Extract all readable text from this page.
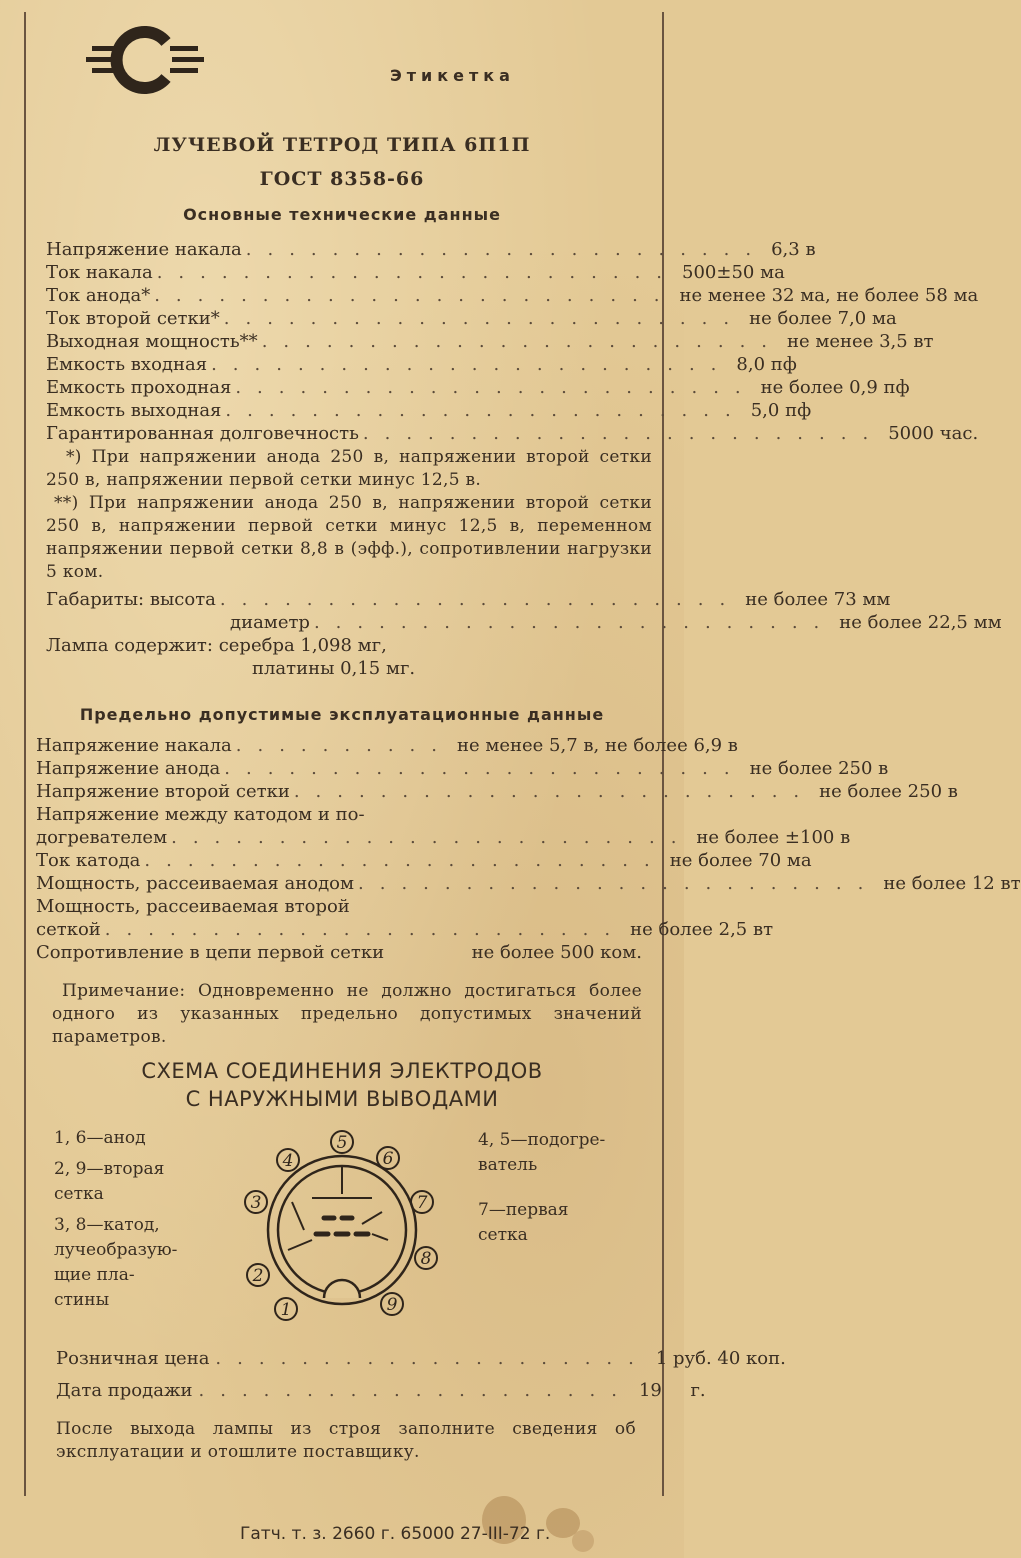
Этикетка
ЛУЧЕВОЙ ТЕТРОД ТИПА 6П1П
ГОСТ 8358-66
Основные технические данные
Напряжение накала ........................ 6,3 в
Ток накала ........................ 500±50 ма
Ток анода* ........................ не менее 32 ма, не более 58 ма
Ток второй сетки* ........................ не более 7,0 ма
Выходная мощность** ........................ не менее 3,5 вт
Емкость входная ........................ 8,0 пф
Емкость проходная ........................ не более 0,9 пф
Емкость выходная ........................ 5,0 пф
Гарантированная долговечность ........................ 5000 час.
*) При напряжении анода 250 в, напряжении второй сетки 250 в, напряжении первой сетки минус 12,5 в.
**) При напряжении анода 250 в, напряжении второй сетки 250 в, напряжении первой сетки минус 12,5 в, переменном напряжении первой сетки 8,8 в (эфф.), сопротивлении нагрузки 5 ком.
Габариты: высота ........................ не более 73 мм
диаметр ........................ не более 22,5 мм
Лампа содержит: серебра 1,098 мг,
платины 0,15 мг.
Предельно допустимые эксплуатационные данные
Напряжение накала .......... не менее 5,7 в, не более 6,9 в
Напряжение анода ........................ не более 250 в
Напряжение второй сетки ........................ не более 250 в
Напряжение между катодом и по-
догревателем ........................ не более ±100 в
Ток катода ........................ не более 70 ма
Мощность, рассеиваемая анодом ........................ не более 12 вт
Мощность, рассеиваемая второй
сеткой ........................ не более 2,5 вт
Сопротивление в цепи первой сетки	не более 500 ком.
Примечание: Одновременно не должно достигаться более одного из указанных предельно допустимых значений параметров.
СХЕМА СОЕДИНЕНИЯ ЭЛЕКТРОДОВ
С НАРУЖНЫМИ ВЫВОДАМИ
1, 6—анод
2, 9—вторая
сетка
3, 8—катод,
лучеобразую-
щие пла-
стины
4, 5—подогре-
ватель
7—первая
сетка
1
2
3
4
5
6
7
8
9
Розничная цена .................... 1 руб. 40 коп.
Дата продажи .................... 19     г.
После выхода лампы из строя заполните сведения об эксплуатации и отошлите поставщику.
Гатч. т. з. 2660 г. 65000 27-III-72 г.
